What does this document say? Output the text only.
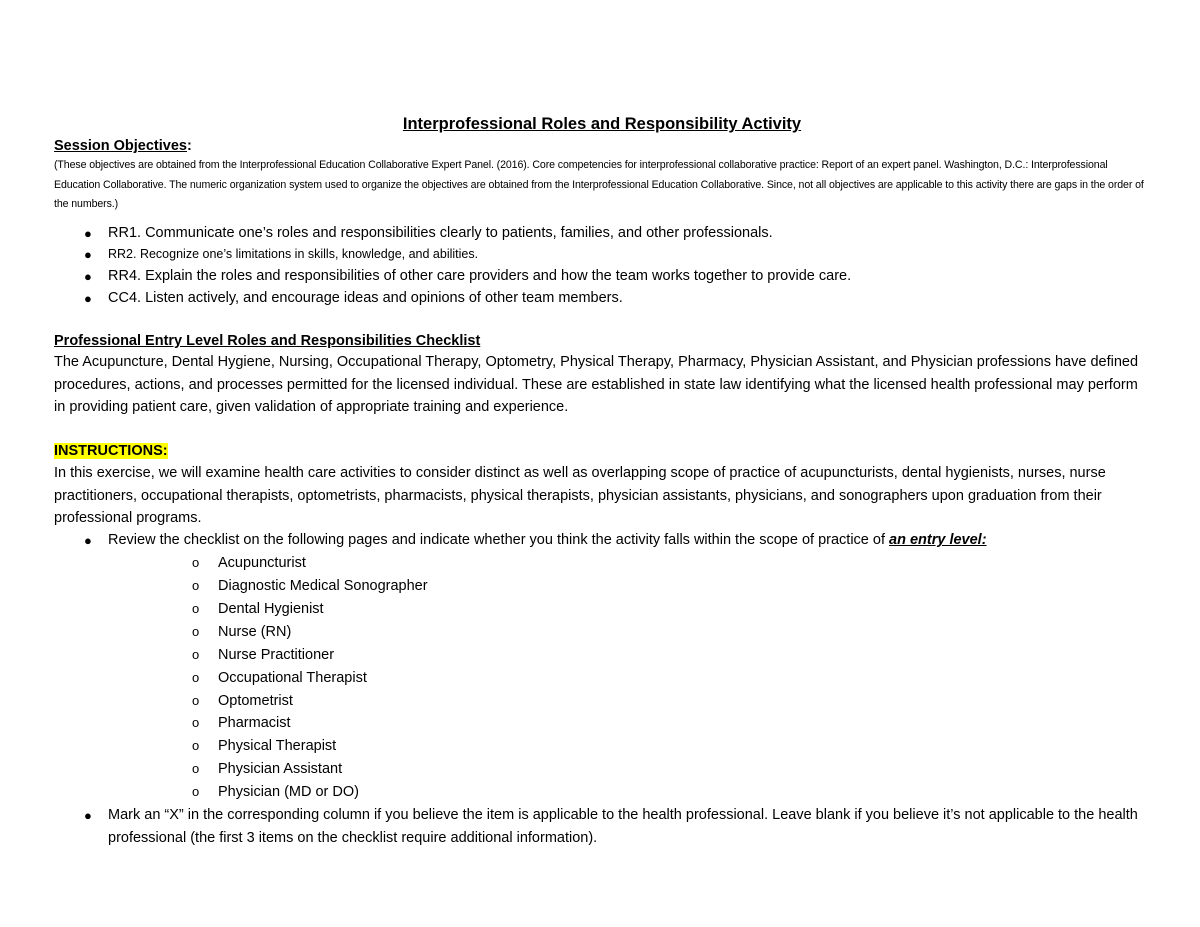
Interprofessional Roles and Responsibility Activity

Session Objectives:

(These objectives are obtained from the Interprofessional Education Collaborative Expert Panel. (2016). Core competencies for interprofessional collaborative practice: Report of an expert panel. Washington, D.C.: Interprofessional Education Collaborative. The numeric organization system used to organize the objectives are obtained from the Interprofessional Education Collaborative. Since, not all objectives are applicable to this activity there are gaps in the order of the numbers.)

● RR1. Communicate one’s roles and responsibilities clearly to patients, families, and other professionals.
● RR2. Recognize one’s limitations in skills, knowledge, and abilities.
● RR4. Explain the roles and responsibilities of other care providers and how the team works together to provide care.
● CC4. Listen actively, and encourage ideas and opinions of other team members.

Professional Entry Level Roles and Responsibilities Checklist

The Acupuncture, Dental Hygiene, Nursing, Occupational Therapy, Optometry, Physical Therapy, Pharmacy, Physician Assistant, and Physician professions have defined procedures, actions, and processes permitted for the licensed individual. These are established in state law identifying what the licensed health professional may perform in providing patient care, given validation of appropriate training and experience.

INSTRUCTIONS:

In this exercise, we will examine health care activities to consider distinct as well as overlapping scope of practice of acupuncturists, dental hygienists, nurses, nurse practitioners, occupational therapists, optometrists, pharmacists, physical therapists, physician assistants, physicians, and sonographers upon graduation from their professional programs.

● Review the checklist on the following pages and indicate whether you think the activity falls within the scope of practice of an entry level:
o Acupuncturist
o Diagnostic Medical Sonographer
o Dental Hygienist
o Nurse (RN)
o Nurse Practitioner
o Occupational Therapist
o Optometrist
o Pharmacist
o Physical Therapist
o Physician Assistant
o Physician (MD or DO)
● Mark an “X” in the corresponding column if you believe the item is applicable to the health professional. Leave blank if you believe it’s not applicable to the health professional (the first 3 items on the checklist require additional information).
